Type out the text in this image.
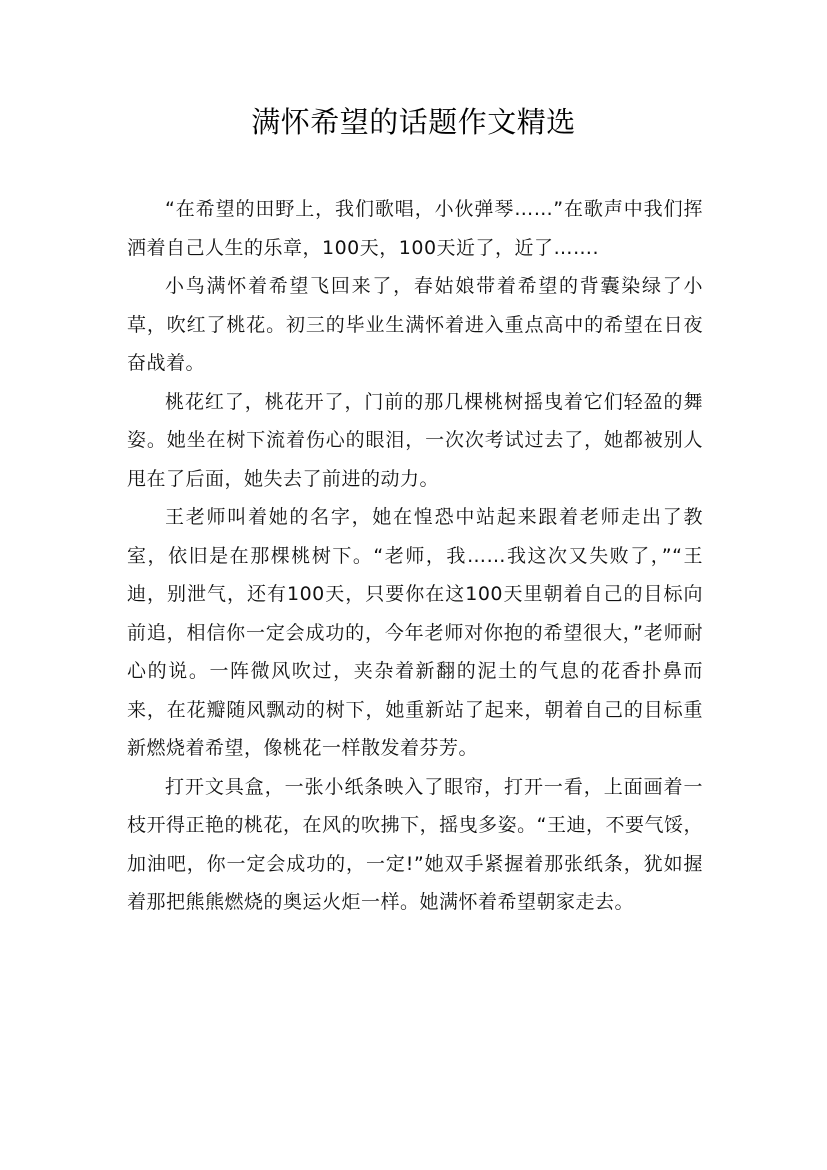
满怀希望的话题作文精选

“在希望的田野上，我们歌唱，小伙弹琴……”在歌声中我们挥洒着自己人生的乐章，100天，100天近了，近了…….

小鸟满怀着希望飞回来了，春姑娘带着希望的背囊染绿了小草，吹红了桃花。初三的毕业生满怀着进入重点高中的希望在日夜奋战着。

桃花红了，桃花开了，门前的那几棵桃树摇曳着它们轻盈的舞姿。她坐在树下流着伤心的眼泪，一次次考试过去了，她都被别人甩在了后面，她失去了前进的动力。

王老师叫着她的名字，她在惶恐中站起来跟着老师走出了教室，依旧是在那棵桃树下。“老师，我……我这次又失败了，”“王迪，别泄气，还有100天，只要你在这100天里朝着自己的目标向前追，相信你一定会成功的，今年老师对你抱的希望很大，”老师耐心的说。一阵微风吹过，夹杂着新翻的泥土的气息的花香扑鼻而来，在花瓣随风飘动的树下，她重新站了起来，朝着自己的目标重新燃烧着希望，像桃花一样散发着芬芳。

打开文具盒，一张小纸条映入了眼帘，打开一看，上面画着一枝开得正艳的桃花，在风的吹拂下，摇曳多姿。“王迪，不要气馁，加油吧，你一定会成功的，一定!”她双手紧握着那张纸条，犹如握着那把熊熊燃烧的奥运火炬一样。她满怀着希望朝家走去。
